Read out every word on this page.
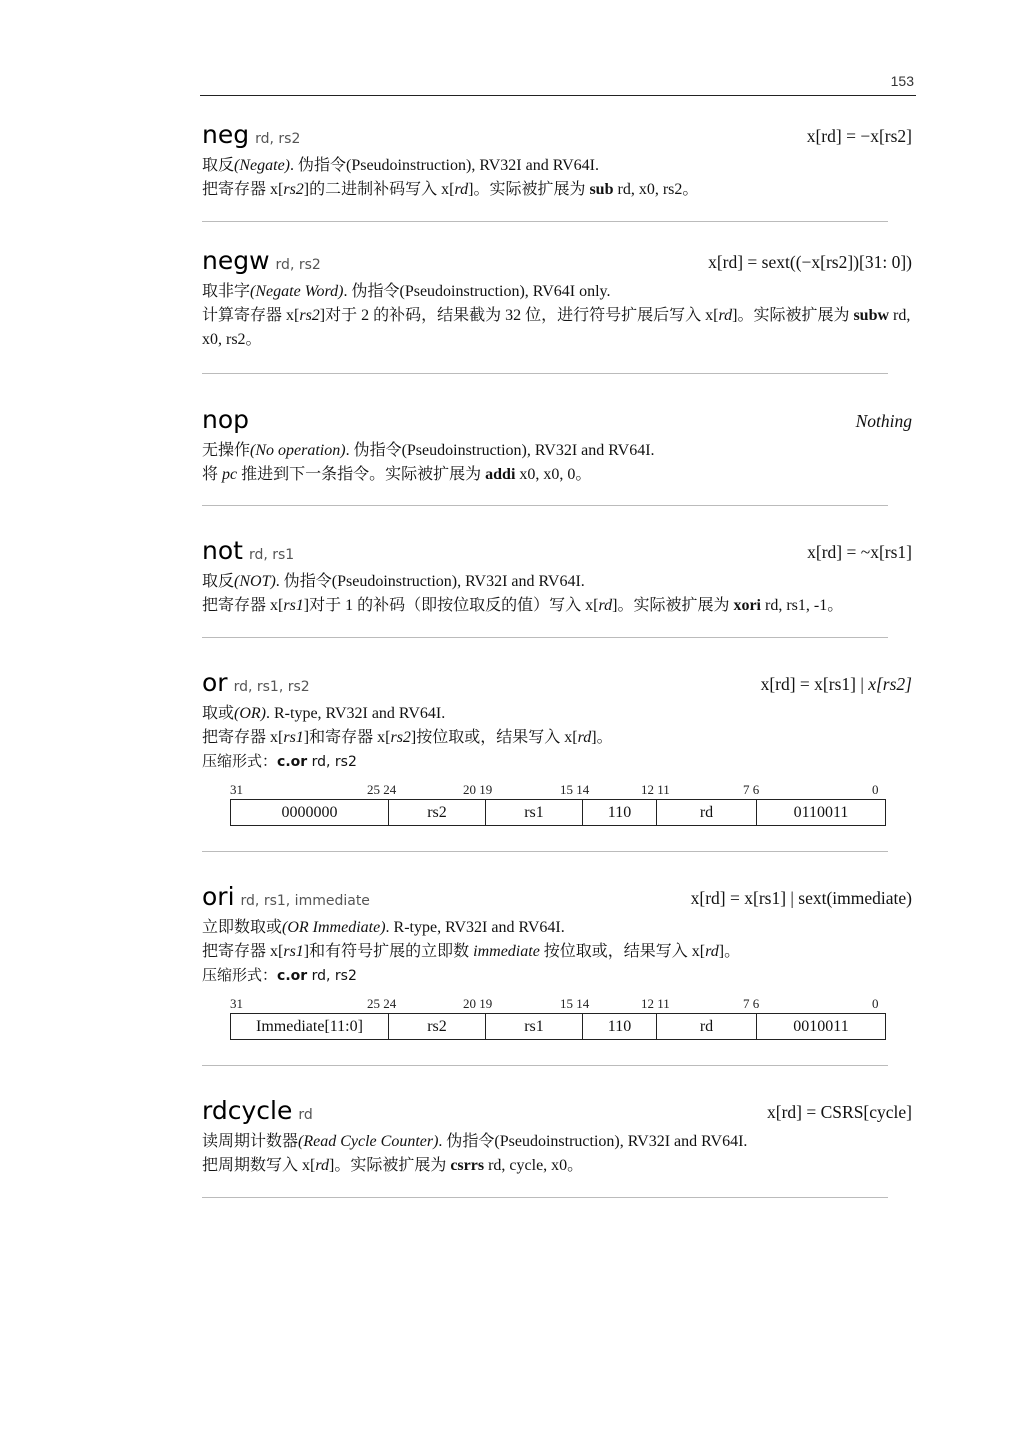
153
neg rd, rs2	x[rd] = −x[rs2]
取反(Negate). 伪指令(Pseudoinstruction), RV32I and RV64I.
把寄存器 x[rs2]的二进制补码写入 x[rd]。实际被扩展为 sub rd, x0, rs2。
negw rd, rs2	x[rd] = sext((−x[rs2])[31: 0])
取非字(Negate Word). 伪指令(Pseudoinstruction), RV64I only.
计算寄存器 x[rs2]对于 2 的补码，结果截为 32 位，进行符号扩展后写入 x[rd]。实际被扩展为 subw rd, x0, rs2。
nop	Nothing
无操作(No operation). 伪指令(Pseudoinstruction), RV32I and RV64I.
将 pc 推进到下一条指令。实际被扩展为 addi x0, x0, 0。
not rd, rs1	x[rd] = ~x[rs1]
取反(NOT). 伪指令(Pseudoinstruction), RV32I and RV64I.
把寄存器 x[rs1]对于 1 的补码（即按位取反的值）写入 x[rd]。实际被扩展为 xori rd, rs1, -1。
or rd, rs1, rs2	x[rd] = x[rs1] | x[rs2]
取或(OR). R-type, RV32I and RV64I.
把寄存器 x[rs1]和寄存器 x[rs2]按位取或，结果写入 x[rd]。
压缩形式：c.or rd, rs2
31	25 24	20 19	15 14	12 11	7 6	0
0000000	rs2	rs1	110	rd	0110011
ori rd, rs1, immediate	x[rd] = x[rs1] | sext(immediate)
立即数取或(OR Immediate). R-type, RV32I and RV64I.
把寄存器 x[rs1]和有符号扩展的立即数 immediate 按位取或，结果写入 x[rd]。
压缩形式：c.or rd, rs2
31	25 24	20 19	15 14	12 11	7 6	0
Immediate[11:0]	rs2	rs1	110	rd	0010011
rdcycle rd	x[rd] = CSRS[cycle]
读周期计数器(Read Cycle Counter). 伪指令(Pseudoinstruction), RV32I and RV64I.
把周期数写入 x[rd]。实际被扩展为 csrrs rd, cycle, x0。
